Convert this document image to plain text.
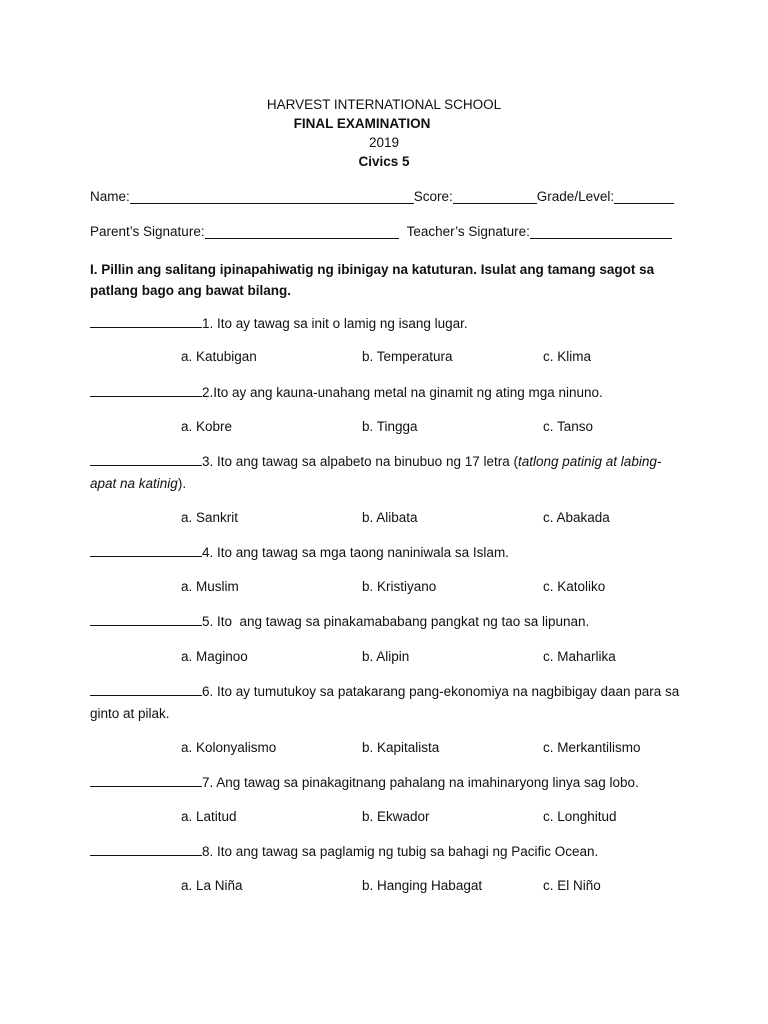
HARVEST INTERNATIONAL SCHOOL
FINAL EXAMINATION
2019
Civics 5
Name:	Score:	Grade/Level:
Parent’s Signature:	Teacher’s Signature:
I. Pillin ang salitang ipinapahiwatig ng ibinigay na katuturan. Isulat ang tamang sagot sa patlang bago ang bawat bilang.
1. Ito ay tawag sa init o lamig ng isang lugar.
a. Katubigan	b. Temperatura	c. Klima
2.Ito ay ang kauna-unahang metal na ginamit ng ating mga ninuno.
a. Kobre	b. Tingga	c. Tanso
3. Ito ang tawag sa alpabeto na binubuo ng 17 letra (tatlong patinig at labing-apat na katinig).
a. Sankrit	b. Alibata	c. Abakada
4. Ito ang tawag sa mga taong naniniwala sa Islam.
a. Muslim	b. Kristiyano	c. Katoliko
5. Ito  ang tawag sa pinakamababang pangkat ng tao sa lipunan.
a. Maginoo	b. Alipin	c. Maharlika
6. Ito ay tumutukoy sa patakarang pang-ekonomiya na nagbibigay daan para sa ginto at pilak.
a. Kolonyalismo	b. Kapitalista	c. Merkantilismo
7. Ang tawag sa pinakagitnang pahalang na imahinaryong linya sag lobo.
a. Latitud	b. Ekwador	c. Longhitud
8. Ito ang tawag sa paglamig ng tubig sa bahagi ng Pacific Ocean.
a. La Niña	b. Hanging Habagat	c. El Niño
